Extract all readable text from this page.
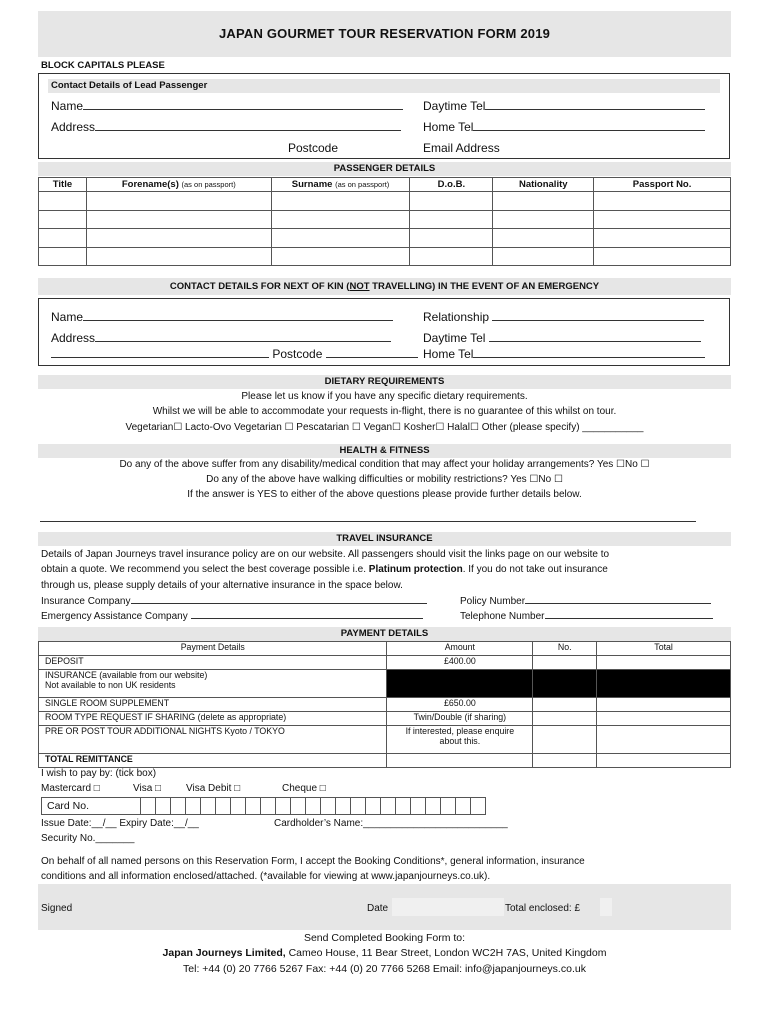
JAPAN GOURMET TOUR RESERVATION FORM 2019
BLOCK CAPITALS PLEASE
Contact Details of Lead Passenger
Name
Address
Postcode
Daytime Tel
Home Tel
Email Address
PASSENGER DETAILS
Title	Forename(s) (as on passport)	Surname (as on passport)	D.o.B.	Nationality	Passport No.

CONTACT DETAILS FOR NEXT OF KIN (NOT TRAVELLING) IN THE EVENT OF AN EMERGENCY
Name
Address
Postcode
Relationship
Daytime Tel
Home Tel
DIETARY REQUIREMENTS
Please let us know if you have any specific dietary requirements.
Whilst we will be able to accommodate your requests in-flight, there is no guarantee of this whilst on tour.
Vegetarian☐ Lacto-Ovo Vegetarian ☐ Pescatarian ☐ Vegan☐ Kosher☐ Halal☐ Other (please specify) ___________
HEALTH & FITNESS
Do any of the above suffer from any disability/medical condition that may affect your holiday arrangements? Yes ☐No ☐
Do any of the above have walking difficulties or mobility restrictions? Yes ☐No ☐
If the answer is YES to either of the above questions please provide further details below.
TRAVEL INSURANCE
Details of Japan Journeys travel insurance policy are on our website. All passengers should visit the links page on our website to
obtain a quote. We recommend you select the best coverage possible i.e. Platinum protection. If you do not take out insurance
through us, please supply details of your alternative insurance in the space below.
Insurance Company
Emergency Assistance Company
Policy Number
Telephone Number
PAYMENT DETAILS
Payment Details	Amount	No.	Total
DEPOSIT	£400.00		

INSURANCE (available from our website)
Not available to non UK residents			

SINGLE ROOM SUPPLEMENT	£650.00		
ROOM TYPE REQUEST IF SHARING (delete as appropriate)	Twin/Double (if sharing)		
PRE OR POST TOUR ADDITIONAL NIGHTS Kyoto / TOKYO	If interested, please enquire
about this.		

TOTAL REMITTANCE			
I wish to pay by: (tick box)
Mastercard □	Visa □ Visa Debit □	Cheque □
Card No.
Issue Date:__/__ Expiry Date:__/__	Cardholder’s Name:__________________________
Security No._______
On behalf of all named persons on this Reservation Form, I accept the Booking Conditions*, general information, insurance
conditions and all information enclosed/attached. (*available for viewing at www.japanjourneys.co.uk).
Signed	Date	Total enclosed: £
Send Completed Booking Form to:
Japan Journeys Limited, Cameo House, 11 Bear Street, London WC2H 7AS, United Kingdom
Tel: +44 (0) 20 7766 5267 Fax: +44 (0) 20 7766 5268 Email: info@japanjourneys.co.uk
